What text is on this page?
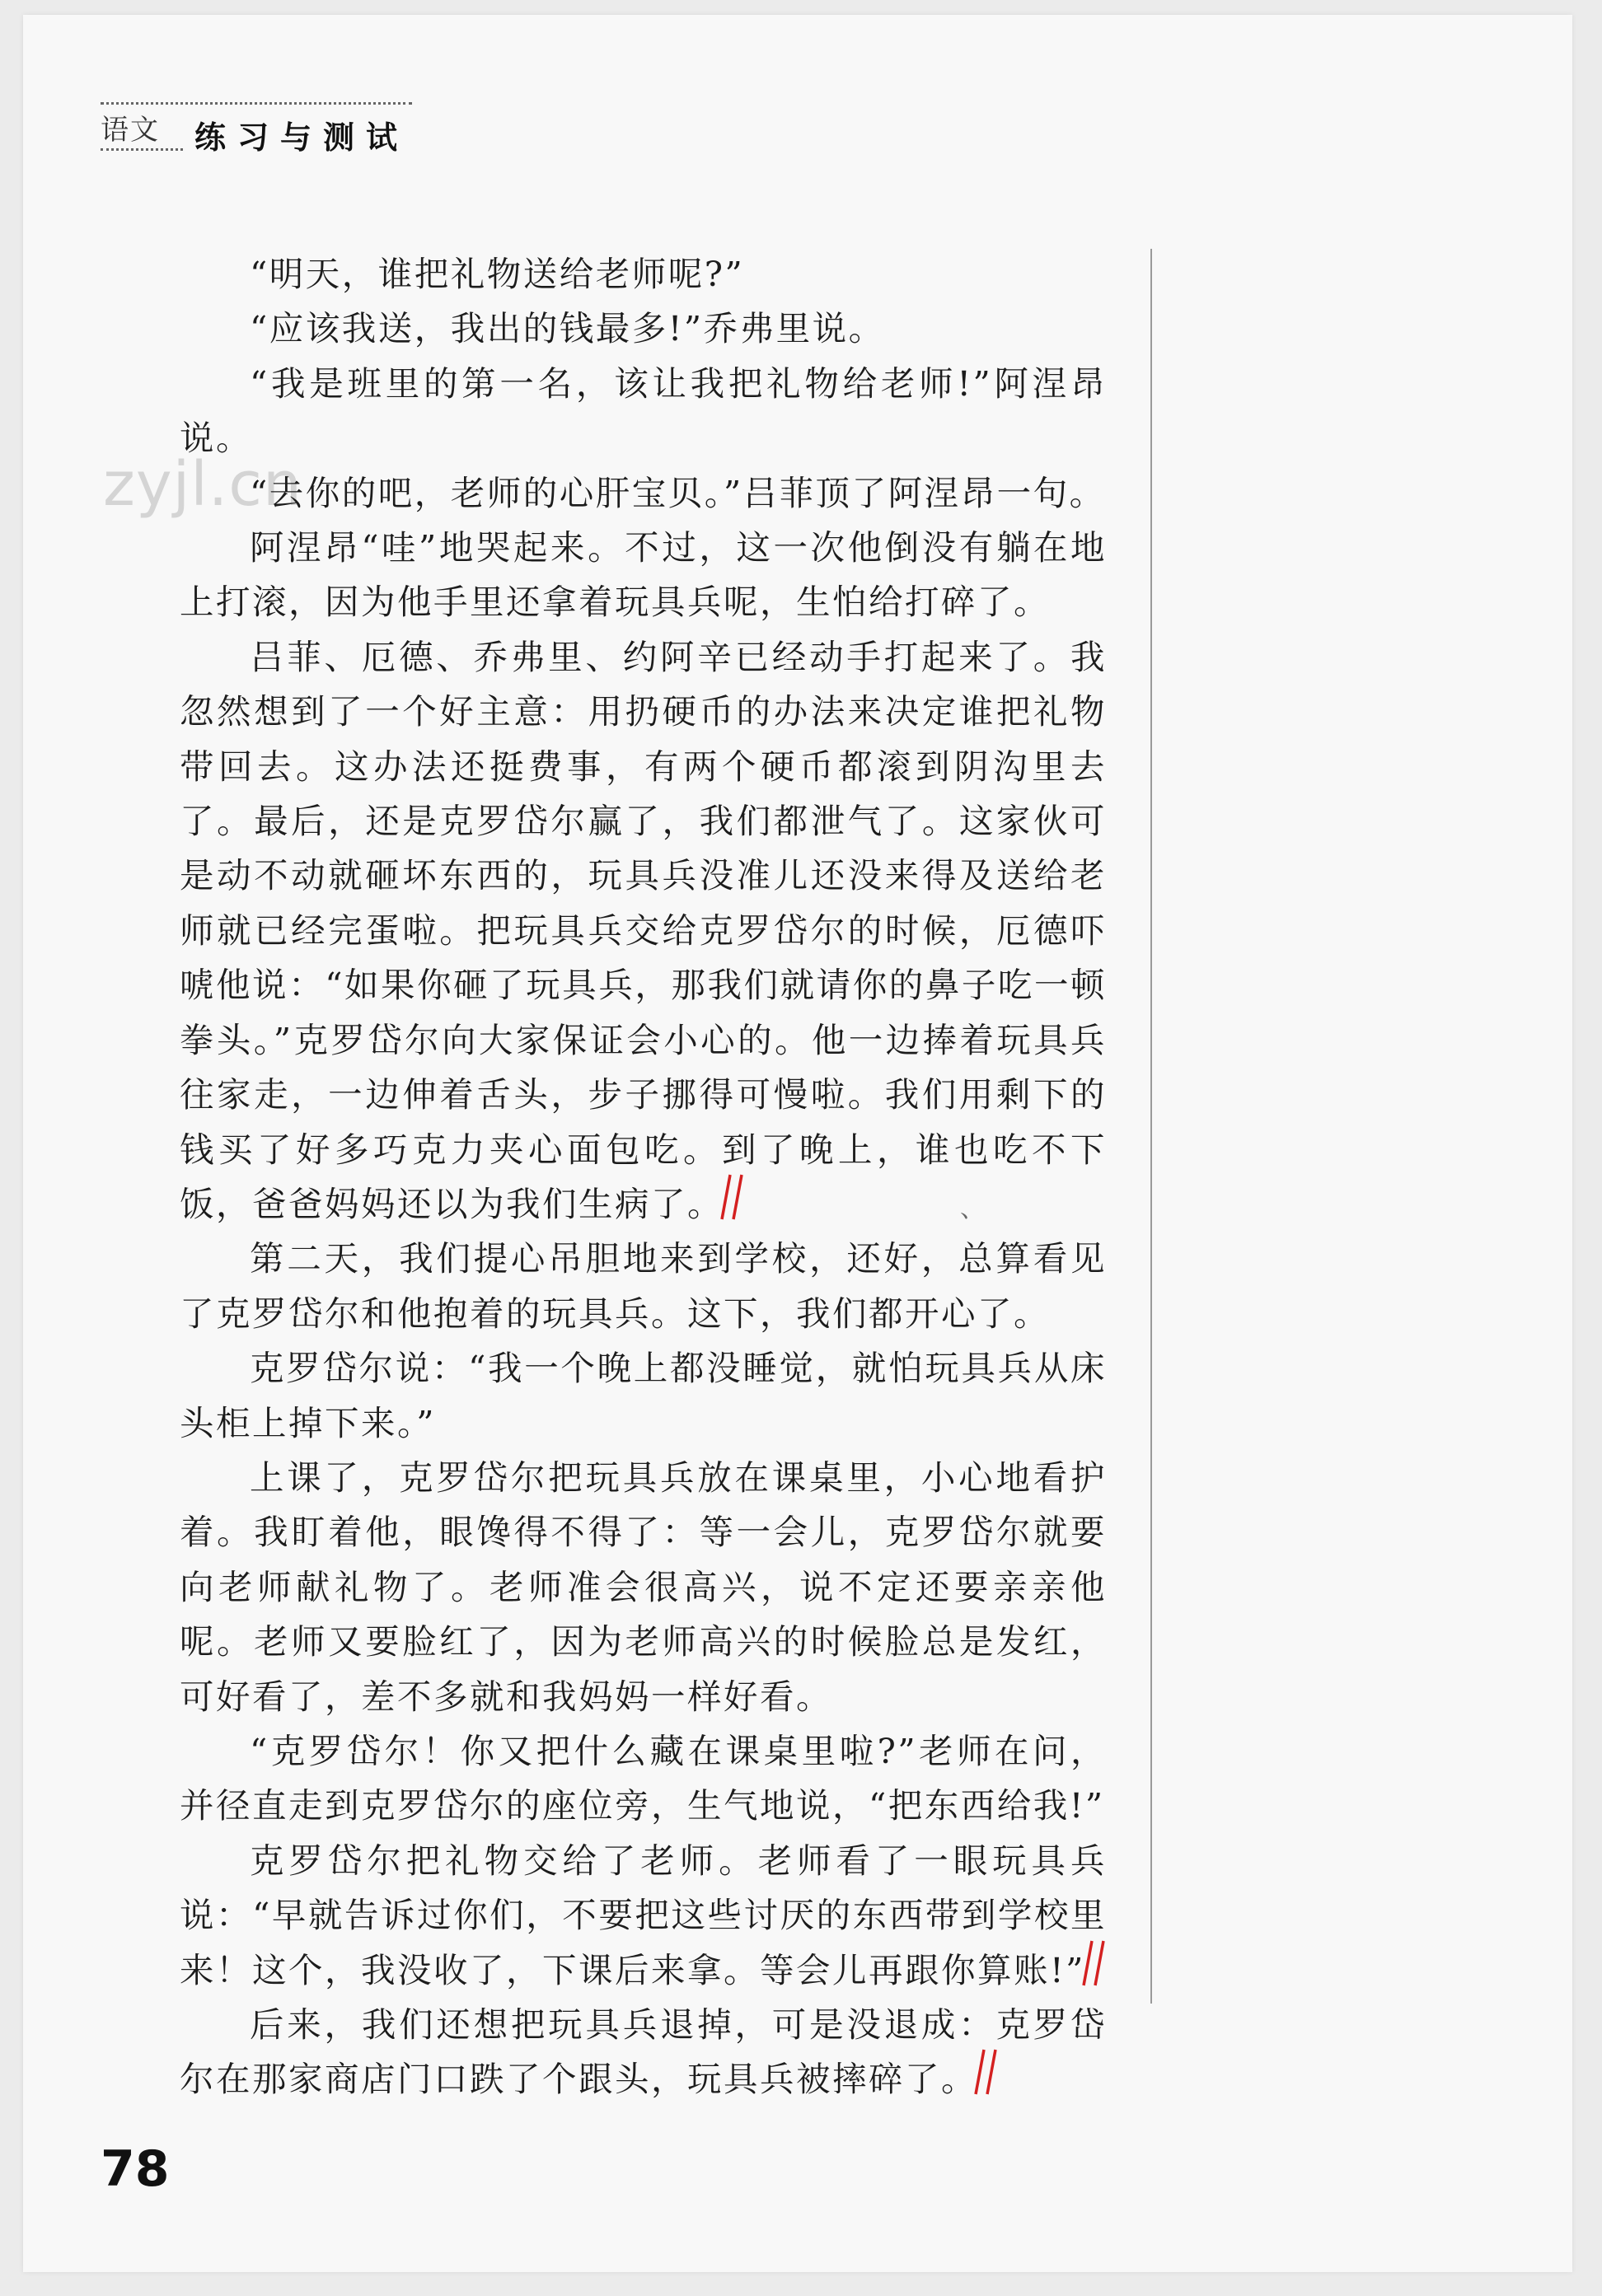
语文 练习与测试
zyjl.cn

“明天，谁把礼物送给老师呢?”

“应该我送，我出的钱最多!”乔弗里说。

“我是班里的第一名，该让我把礼物给老师!”阿涅昂说。

“去你的吧，老师的心肝宝贝。”吕菲顶了阿涅昂一句。

阿涅昂“哇”地哭起来。不过，这一次他倒没有躺在地上打滚，因为他手里还拿着玩具兵呢，生怕给打碎了。

吕菲、厄德、乔弗里、约阿辛已经动手打起来了。我忽然想到了一个好主意：用扔硬币的办法来决定谁把礼物带回去。这办法还挺费事，有两个硬币都滚到阴沟里去了。最后，还是克罗岱尔赢了，我们都泄气了。这家伙可是动不动就砸坏东西的，玩具兵没准儿还没来得及送给老师就已经完蛋啦。把玩具兵交给克罗岱尔的时候，厄德吓唬他说：“如果你砸了玩具兵，那我们就请你的鼻子吃一顿拳头。”克罗岱尔向大家保证会小心的。他一边捧着玩具兵往家走，一边伸着舌头，步子挪得可慢啦。我们用剩下的钱买了好多巧克力夹心面包吃。到了晚上，谁也吃不下饭，爸爸妈妈还以为我们生病了。

第二天，我们提心吊胆地来到学校，还好，总算看见了克罗岱尔和他抱着的玩具兵。这下，我们都开心了。

克罗岱尔说：“我一个晚上都没睡觉，就怕玩具兵从床头柜上掉下来。”

上课了，克罗岱尔把玩具兵放在课桌里，小心地看护着。我盯着他，眼馋得不得了：等一会儿，克罗岱尔就要向老师献礼物了。老师准会很高兴，说不定还要亲亲他呢。老师又要脸红了，因为老师高兴的时候脸总是发红，可好看了，差不多就和我妈妈一样好看。

“克罗岱尔！你又把什么藏在课桌里啦?”老师在问，并径直走到克罗岱尔的座位旁，生气地说，“把东西给我!”

克罗岱尔把礼物交给了老师。老师看了一眼玩具兵说：“早就告诉过你们，不要把这些讨厌的东西带到学校里来！这个，我没收了，下课后来拿。等会儿再跟你算账!”

后来，我们还想把玩具兵退掉，可是没退成：克罗岱尔在那家商店门口跌了个跟头，玩具兵被摔碎了。

、
78
